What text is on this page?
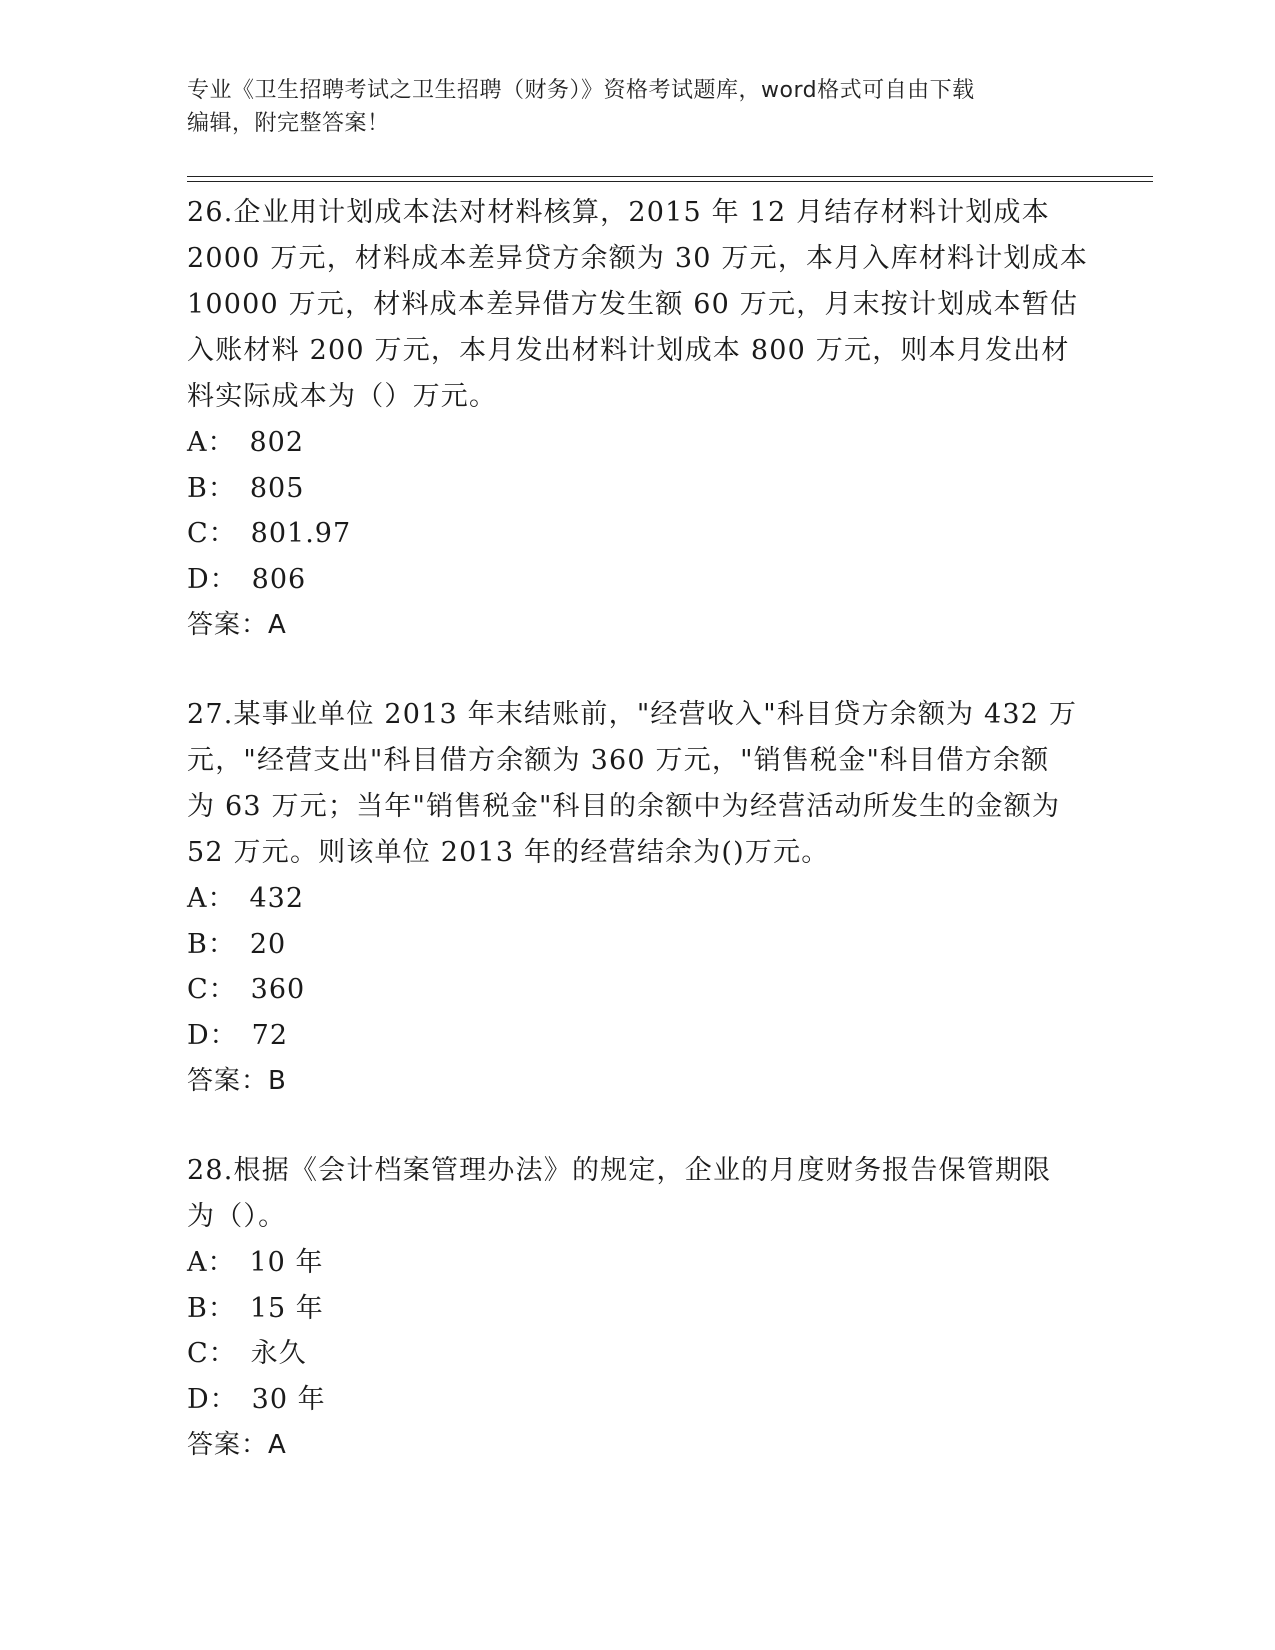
专业《卫生招聘考试之卫生招聘（财务）》资格考试题库，word格式可自由下载
编辑，附完整答案！
26.企业用计划成本法对材料核算，2015 年 12 月结存材料计划成本
2000 万元，材料成本差异贷方余额为 30 万元，本月入库材料计划成本
10000 万元，材料成本差异借方发生额 60 万元，月末按计划成本暂估
入账材料 200 万元，本月发出材料计划成本 800 万元，则本月发出材
料实际成本为（）万元。
A： 802
B： 805
C： 801.97
D： 806
答案：A
27.某事业单位 2013 年末结账前，"经营收入"科目贷方余额为 432 万
元，"经营支出"科目借方余额为 360 万元，"销售税金"科目借方余额
为 63 万元；当年"销售税金"科目的余额中为经营活动所发生的金额为
52 万元。则该单位 2013 年的经营结余为()万元。
A： 432
B： 20
C： 360
D： 72
答案：B
28.根据《会计档案管理办法》的规定，企业的月度财务报告保管期限
为（）。
A： 10 年
B： 15 年
C： 永久
D： 30 年
答案：A
